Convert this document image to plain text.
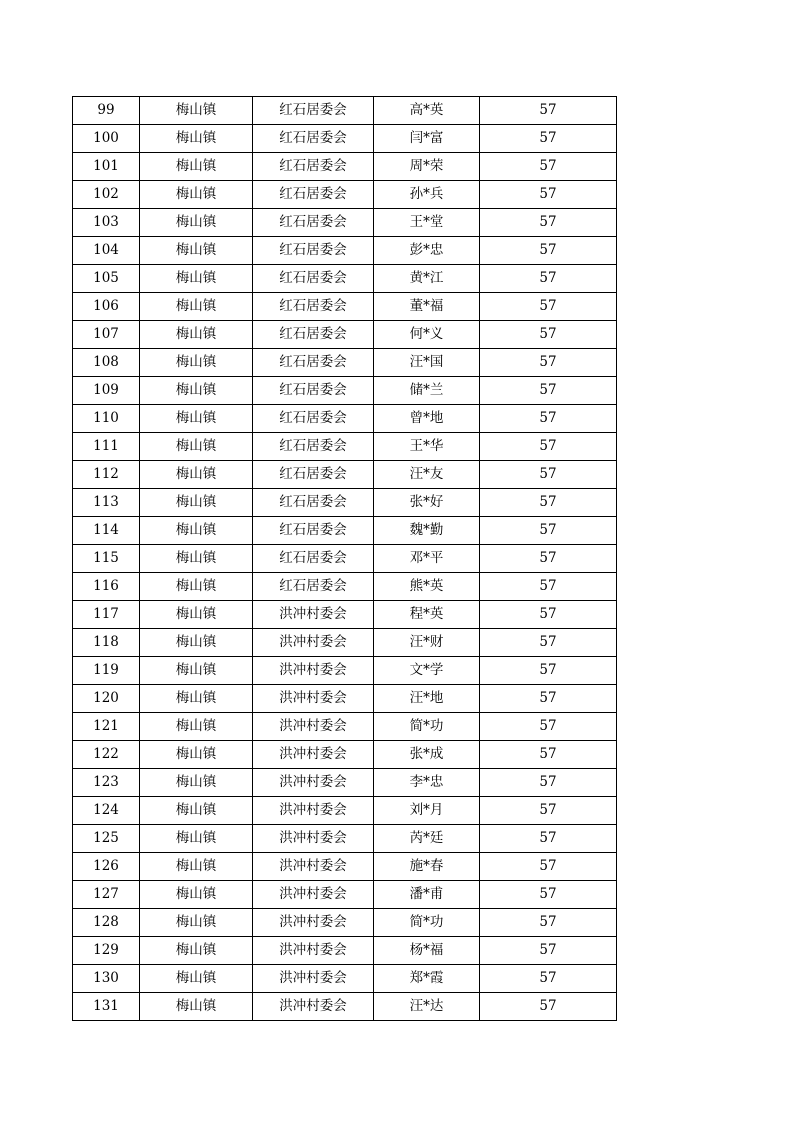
99	梅山镇	红石居委会	高*英	57
100	梅山镇	红石居委会	闫*富	57
101	梅山镇	红石居委会	周*荣	57
102	梅山镇	红石居委会	孙*兵	57
103	梅山镇	红石居委会	王*堂	57
104	梅山镇	红石居委会	彭*忠	57
105	梅山镇	红石居委会	黄*江	57
106	梅山镇	红石居委会	董*福	57
107	梅山镇	红石居委会	何*义	57
108	梅山镇	红石居委会	汪*国	57
109	梅山镇	红石居委会	储*兰	57
110	梅山镇	红石居委会	曾*地	57
111	梅山镇	红石居委会	王*华	57
112	梅山镇	红石居委会	汪*友	57
113	梅山镇	红石居委会	张*好	57
114	梅山镇	红石居委会	魏*勤	57
115	梅山镇	红石居委会	邓*平	57
116	梅山镇	红石居委会	熊*英	57
117	梅山镇	洪冲村委会	程*英	57
118	梅山镇	洪冲村委会	汪*财	57
119	梅山镇	洪冲村委会	文*学	57
120	梅山镇	洪冲村委会	汪*地	57
121	梅山镇	洪冲村委会	简*功	57
122	梅山镇	洪冲村委会	张*成	57
123	梅山镇	洪冲村委会	李*忠	57
124	梅山镇	洪冲村委会	刘*月	57
125	梅山镇	洪冲村委会	芮*廷	57
126	梅山镇	洪冲村委会	施*春	57
127	梅山镇	洪冲村委会	潘*甫	57
128	梅山镇	洪冲村委会	简*功	57
129	梅山镇	洪冲村委会	杨*福	57
130	梅山镇	洪冲村委会	郑*霞	57
131	梅山镇	洪冲村委会	汪*达	57
